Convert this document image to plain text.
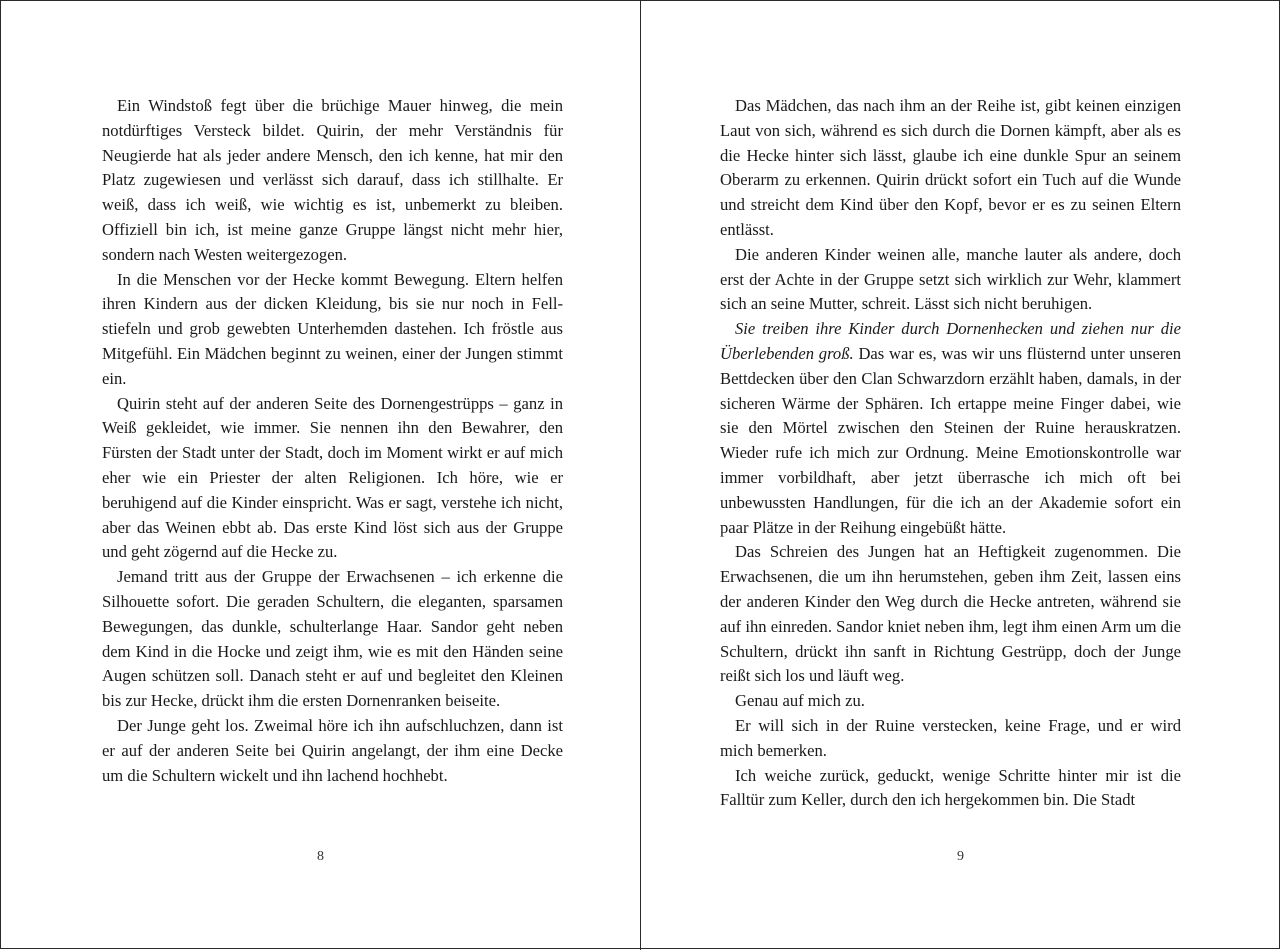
Ein Windstoß fegt über die brüchige Mauer hinweg, die mein notdürftiges Versteck bildet. Quirin, der mehr Verständnis für Neugierde hat als jeder andere Mensch, den ich kenne, hat mir den Platz zugewiesen und verlässt sich darauf, dass ich stillhalte. Er weiß, dass ich weiß, wie wichtig es ist, unbemerkt zu bleiben. Offiziell bin ich, ist meine ganze Gruppe längst nicht mehr hier, sondern nach Westen weitergezogen.

In die Menschen vor der Hecke kommt Bewegung. Eltern helfen ihren Kindern aus der dicken Kleidung, bis sie nur noch in Fellstiefeln und grob gewebten Unterhemden dastehen. Ich fröstle aus Mitgefühl. Ein Mädchen beginnt zu weinen, einer der Jungen stimmt ein.

Quirin steht auf der anderen Seite des Dornengestrüpps – ganz in Weiß gekleidet, wie immer. Sie nennen ihn den Bewahrer, den Fürsten der Stadt unter der Stadt, doch im Moment wirkt er auf mich eher wie ein Priester der alten Religionen. Ich höre, wie er beruhigend auf die Kinder einspricht. Was er sagt, verstehe ich nicht, aber das Weinen ebbt ab. Das erste Kind löst sich aus der Gruppe und geht zögernd auf die Hecke zu.

Jemand tritt aus der Gruppe der Erwachsenen – ich erkenne die Silhouette sofort. Die geraden Schultern, die eleganten, sparsamen Bewegungen, das dunkle, schulterlange Haar. Sandor geht neben dem Kind in die Hocke und zeigt ihm, wie es mit den Händen seine Augen schützen soll. Danach steht er auf und begleitet den Kleinen bis zur Hecke, drückt ihm die ersten Dornenranken beiseite.

Der Junge geht los. Zweimal höre ich ihn aufschluchzen, dann ist er auf der anderen Seite bei Quirin angelangt, der ihm eine Decke um die Schultern wickelt und ihn lachend hochhebt.

8

Das Mädchen, das nach ihm an der Reihe ist, gibt keinen einzigen Laut von sich, während es sich durch die Dornen kämpft, aber als es die Hecke hinter sich lässt, glaube ich eine dunkle Spur an seinem Oberarm zu erkennen. Quirin drückt sofort ein Tuch auf die Wunde und streicht dem Kind über den Kopf, bevor er es zu seinen Eltern entlässt.

Die anderen Kinder weinen alle, manche lauter als andere, doch erst der Achte in der Gruppe setzt sich wirklich zur Wehr, klammert sich an seine Mutter, schreit. Lässt sich nicht beruhigen.

Sie treiben ihre Kinder durch Dornenhecken und ziehen nur die Überlebenden groß. Das war es, was wir uns flüsternd unter unseren Bettdecken über den Clan Schwarzdorn erzählt haben, damals, in der sicheren Wärme der Sphären. Ich ertappe meine Finger dabei, wie sie den Mörtel zwischen den Steinen der Ruine herauskratzen. Wieder rufe ich mich zur Ordnung. Meine Emotionskontrolle war immer vorbildhaft, aber jetzt überrasche ich mich oft bei unbewussten Handlungen, für die ich an der Akademie sofort ein paar Plätze in der Reihung eingebüßt hätte.

Das Schreien des Jungen hat an Heftigkeit zugenommen. Die Erwachsenen, die um ihn herumstehen, geben ihm Zeit, lassen eins der anderen Kinder den Weg durch die Hecke antreten, während sie auf ihn einreden. Sandor kniet neben ihm, legt ihm einen Arm um die Schultern, drückt ihn sanft in Richtung Gestrüpp, doch der Junge reißt sich los und läuft weg.

Genau auf mich zu.

Er will sich in der Ruine verstecken, keine Frage, und er wird mich bemerken.

Ich weiche zurück, geduckt, wenige Schritte hinter mir ist die Falltür zum Keller, durch den ich hergekommen bin. Die Stadt

9
